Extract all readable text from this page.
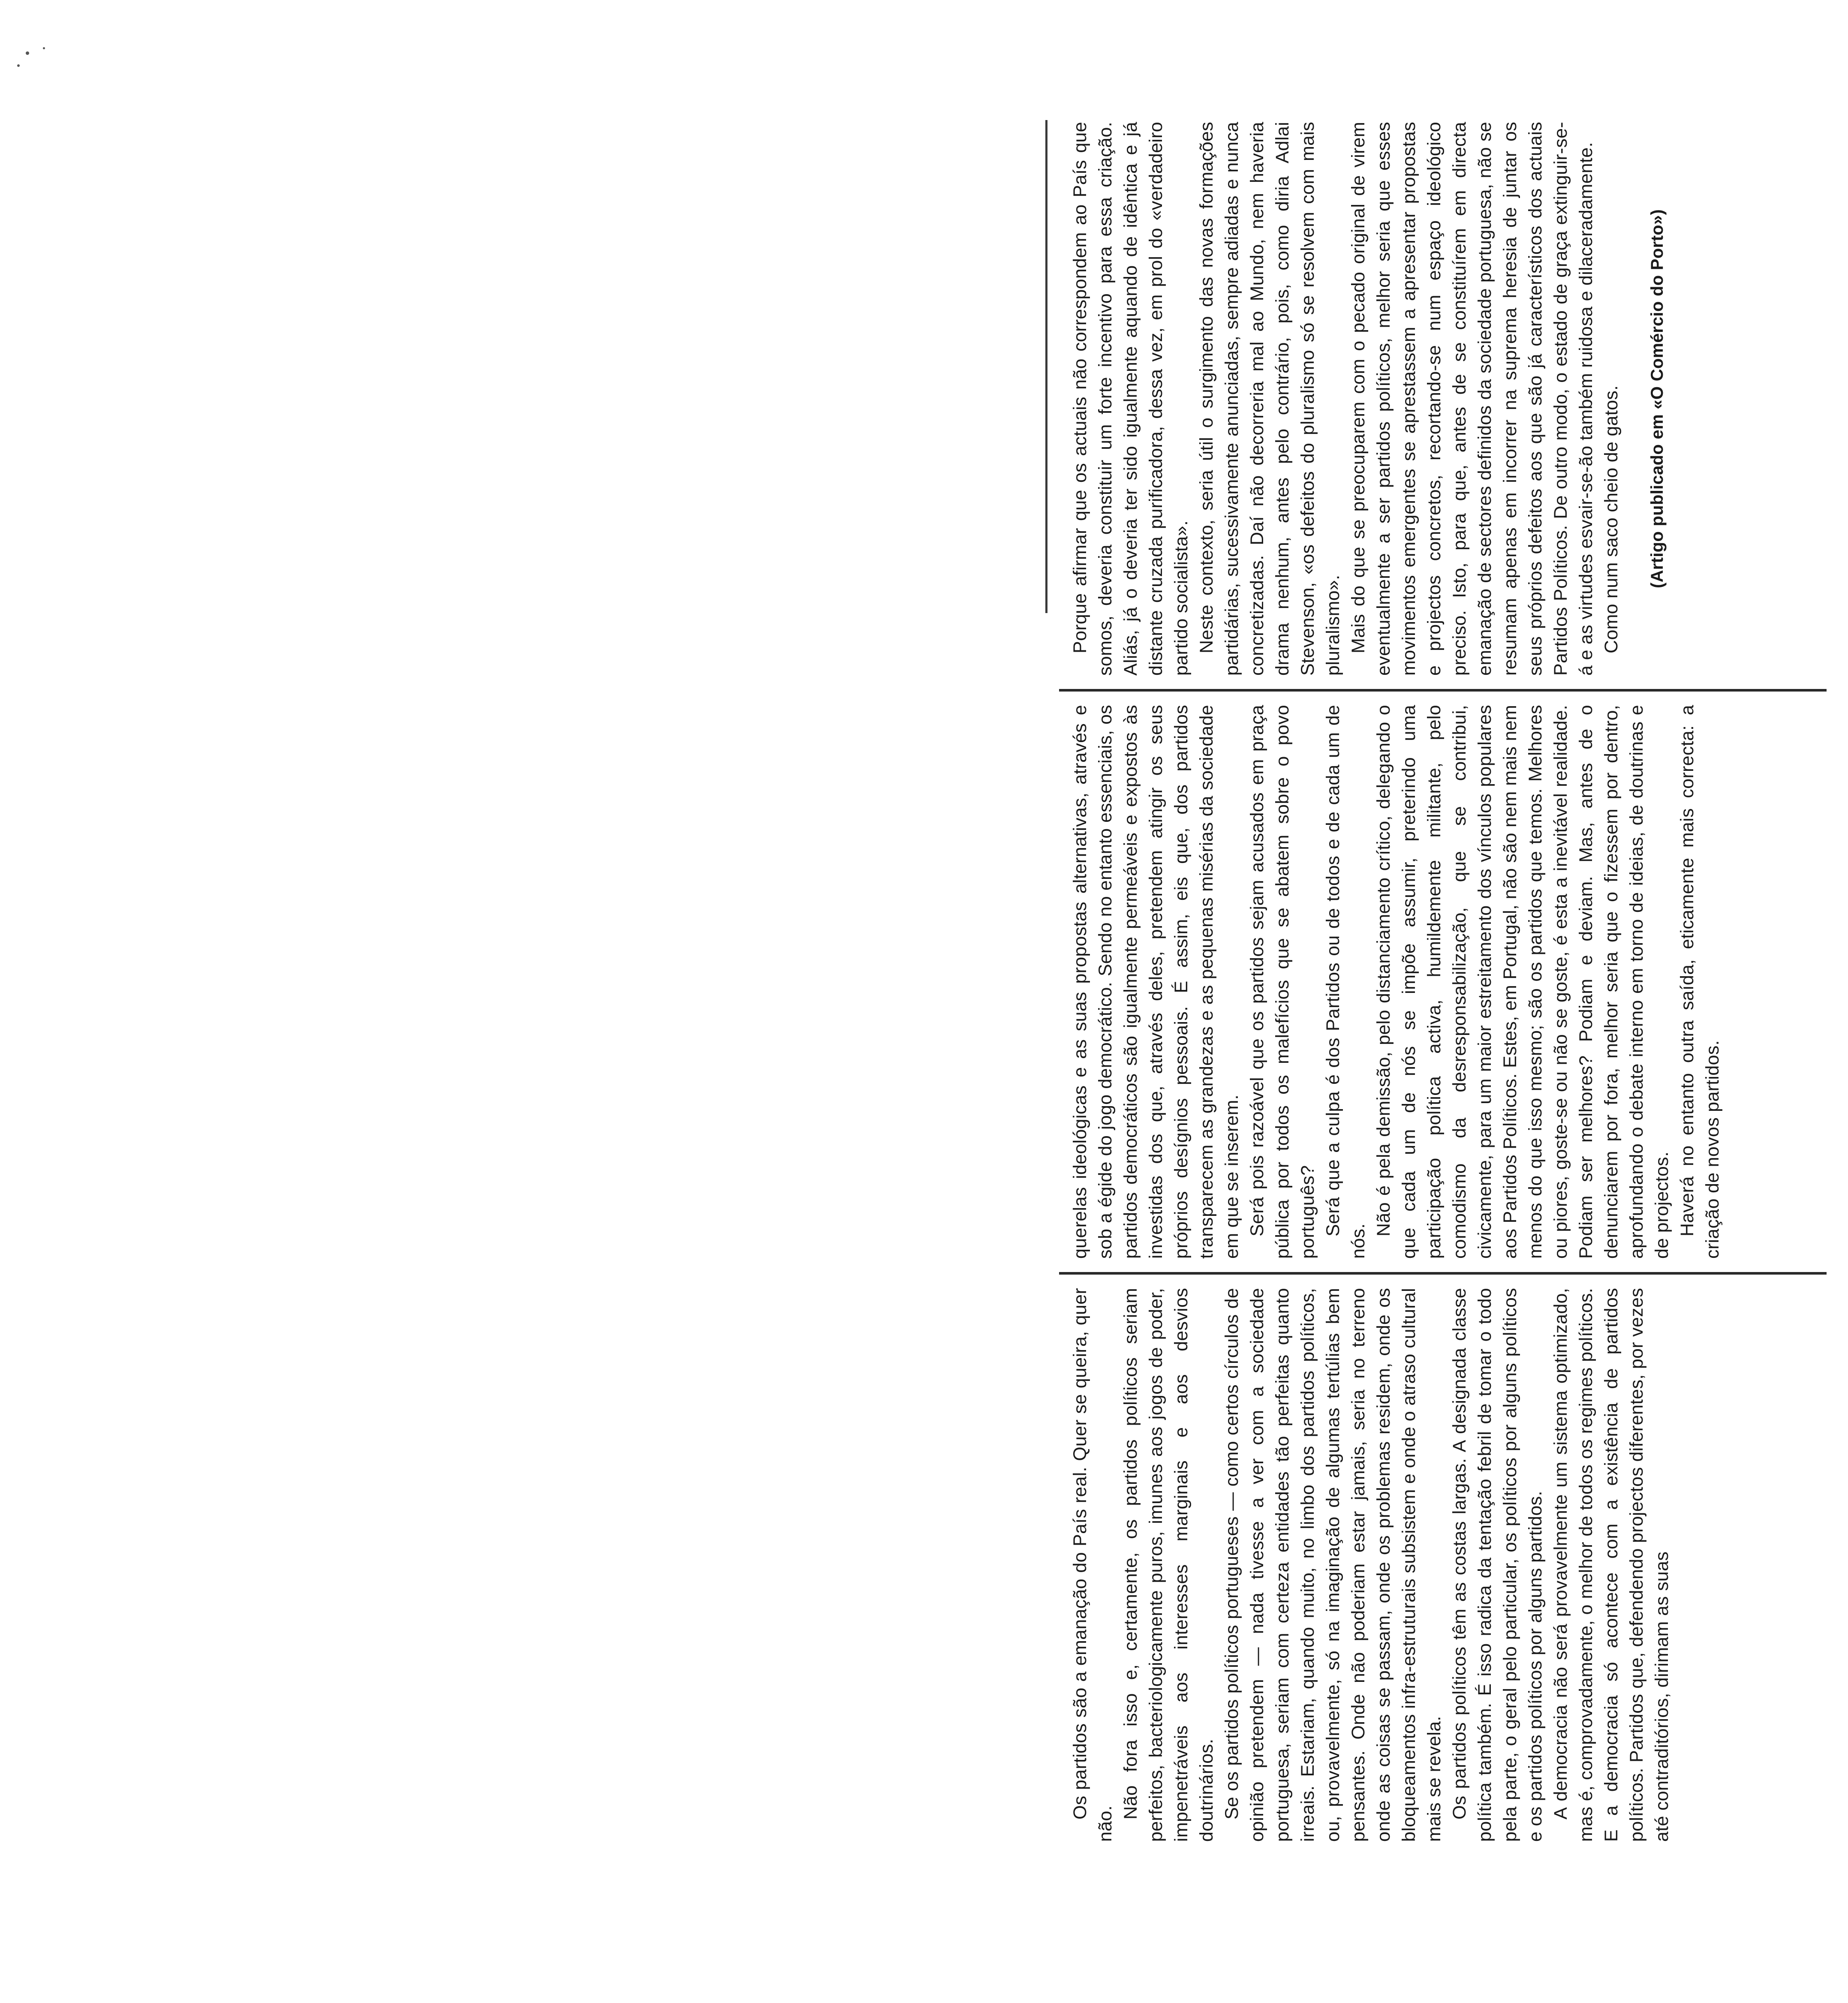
Os partidos são a emanação do País real. Quer se queira, quer não.

Não fora isso e, certamente, os partidos políticos seriam perfeitos, bacteriologicamente puros, imunes aos jogos de poder, impenetráveis aos interesses marginais e aos desvios doutrinários. Se os partidos políticos portugueses — como certos círculos de opinião pretendem — nada tivesse a ver com a sociedade portuguesa, seriam com certeza entidades tão perfeitas quanto irreais. Estariam, quando muito, no limbo dos partidos políticos, ou, provavelmente, só na imaginação de algumas tertúlias bem pensantes. Onde não poderiam estar jamais, seria no terreno onde as coisas se passam, onde os problemas residem, onde os bloqueamentos infra-estruturais subsistem e onde o atraso cultural mais se revela. Os partidos políticos têm as costas largas. A designada classe política também. É isso radica da tentação febril de tomar o todo pela parte, o geral pelo particular, os políticos por alguns políticos e os partidos políticos por alguns partidos. A democracia não será provavelmente um sistema optimizado, mas é, comprovadamente, o melhor de todos os regimes políticos. E a democracia só acontece com a existência de partidos políticos. Partidos que, defendendo projectos diferentes, por vezes até contraditórios, dirimam as suas

querelas ideológicas e as suas propostas alternativas, através e sob a égide do jogo democrático. Sendo no entanto essenciais, os partidos democráticos são igualmente permeáveis e expostos às investidas dos que, através deles, pretendem atingir os seus próprios desígnios pessoais. É assim, eis que, dos partidos transparecem as grandezas e as pequenas misérias da sociedade em que se inserem. Será pois razoável que os partidos sejam acusados em praça pública por todos os malefícios que se abatem sobre o povo português? Será que a culpa é dos Partidos ou de todos e de cada um de nós.

Não é pela demissão, pelo distanciamento crítico, delegando o que cada um de nós se impõe assumir, preterindo uma participação política activa, humildemente militante, pelo comodismo da desresponsabilização, que se contribui, civicamente, para um maior estreitamento dos vínculos populares aos Partidos Políticos. Estes, em Portugal, não são nem mais nem menos do que isso mesmo; são os partidos que temos. Melhores ou piores, goste-se ou não se goste, é esta a inevitável realidade. Podiam ser melhores? Podiam e deviam. Mas, antes de o denunciarem por fora, melhor seria que o fizessem por dentro, aprofundando o debate interno em torno de ideias, de doutrinas e de projectos. Haverá no entanto outra saída, eticamente mais correcta: a criação de novos partidos.

Porque afirmar que os actuais não correspondem ao País que somos, deveria constituir um forte incentivo para essa criação. Aliás, já o deveria ter sido igualmente aquando de idêntica e já distante cruzada purificadora, dessa vez, em prol do «verdadeiro partido socialista». Neste contexto, seria útil o surgimento das novas formações partidárias, sucessivamente anunciadas, sempre adiadas e nunca concretizadas. Daí não decorreria mal ao Mundo, nem haveria drama nenhum, antes pelo contrário, pois, como diria Adlai Stevenson, «os defeitos do pluralismo só se resolvem com mais pluralismo». Mais do que se preocuparem com o pecado original de virem eventualmente a ser partidos políticos, melhor seria que esses movimentos emergentes se aprestassem a apresentar propostas e projectos concretos, recortando-se num espaço ideológico preciso. Isto, para que, antes de se constituírem em directa emanação de sectores definidos da sociedade portuguesa, não se resumam apenas em incorrer na suprema heresia de juntar os seus próprios defeitos aos que são já característicos dos actuais Partidos Políticos. De outro modo, o estado de graça extinguir-se-á e as virtudes esvair-se-ão também ruidosa e dilaceradamente. Como num saco cheio de gatos. (Artigo publicado em «O Comércio do Porto»)
